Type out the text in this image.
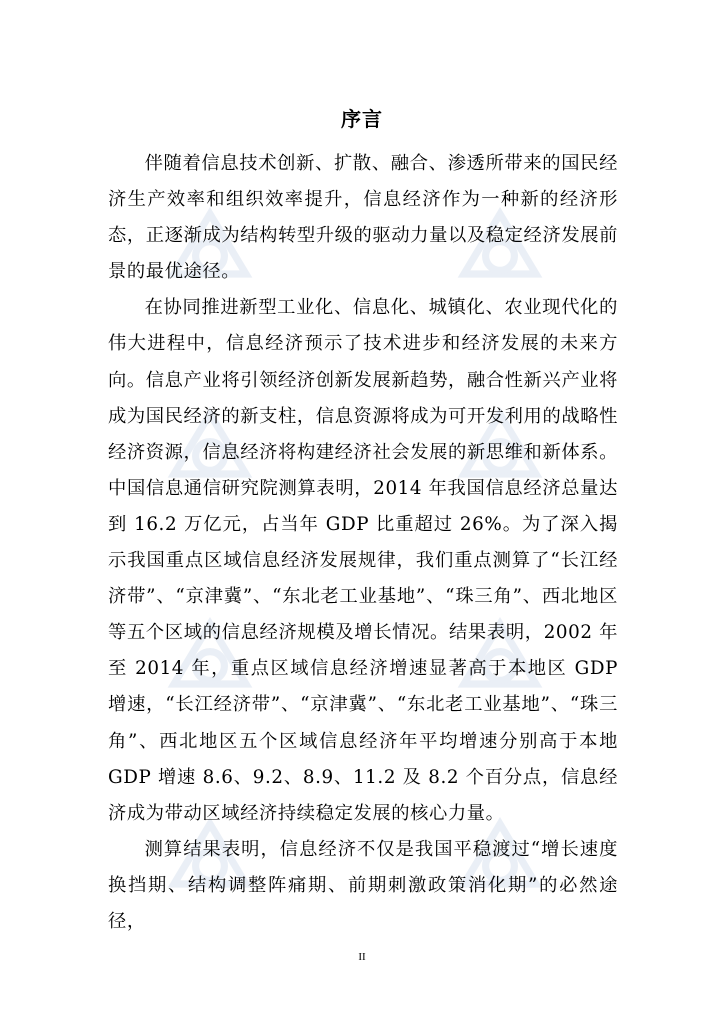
序言

伴随着信息技术创新、扩散、融合、渗透所带来的国民经济生产效率和组织效率提升，信息经济作为一种新的经济形态，正逐渐成为结构转型升级的驱动力量以及稳定经济发展前景的最优途径。

在协同推进新型工业化、信息化、城镇化、农业现代化的伟大进程中，信息经济预示了技术进步和经济发展的未来方向。信息产业将引领经济创新发展新趋势，融合性新兴产业将成为国民经济的新支柱，信息资源将成为可开发利用的战略性经济资源，信息经济将构建经济社会发展的新思维和新体系。中国信息通信研究院测算表明，2014 年我国信息经济总量达到 16.2 万亿元，占当年 GDP 比重超过 26%。为了深入揭示我国重点区域信息经济发展规律，我们重点测算了“长江经济带”、“京津冀”、“东北老工业基地”、“珠三角”、西北地区等五个区域的信息经济规模及增长情况。结果表明，2002 年至 2014 年，重点区域信息经济增速显著高于本地区 GDP 增速，“长江经济带”、“京津冀”、“东北老工业基地”、“珠三角”、西北地区五个区域信息经济年平均增速分别高于本地 GDP 增速 8.6、9.2、8.9、11.2 及 8.2 个百分点，信息经济成为带动区域经济持续稳定发展的核心力量。

测算结果表明，信息经济不仅是我国平稳渡过“增长速度换挡期、结构调整阵痛期、前期刺激政策消化期”的必然途径，

II
